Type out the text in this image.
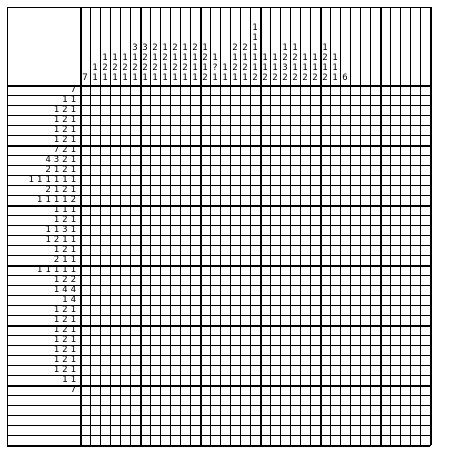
7
1
1
1
2
1
1
2
1
1
2
1
3
1
2
1
3
2
2
1
2
1
2
1
1
2
1
1
2
1
2
1
1
1
2
1
2
1
1
1
1
2
1
2
1
?
1
1
1
2
1
2
1
2
1
2
1
1
1
1
1
1
2
1
1
2
1
1
2
1
2
3
2
1
2
1
2
1
1
2
1
1
2
1
2
1
2
1
1
1 6
7
1 1
1 2 1
1 2 1
1 2 1
1 2 1
7 2 1
4 3 2 1
2 1 2 1
1 1 1 1 1 1
2 1 2 1
1 1 1 1 2
1 1 1
1 2 1
1 1 3 1
1 2 1 1
1 2 1
2 1 1
1 1 1 1 1
1 2 2
1 4 4
1 4
1 2 1
1 2 1
1 2 1
1 2 1
1 2 1
1 2 1
1 2 1
1 1
7
